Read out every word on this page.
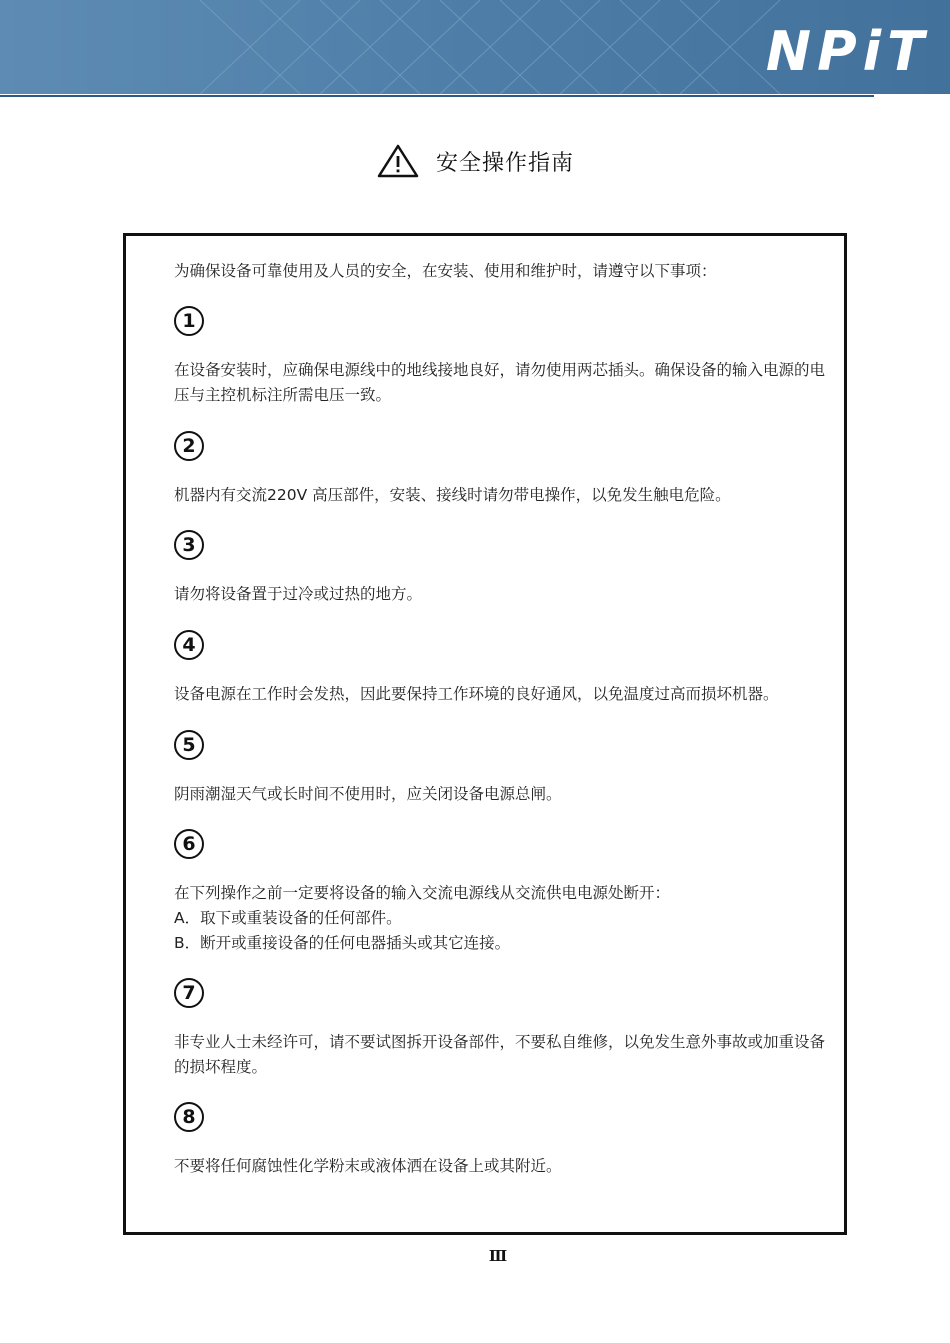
NPiT
安全操作指南

为确保设备可靠使用及人员的安全，在安装、使用和维护时，请遵守以下事项：

1

在设备安装时，应确保电源线中的地线接地良好，请勿使用两芯插头。确保设备的输入电源的电压与主控机标注所需电压一致。

2

机器内有交流220V 高压部件，安装、接线时请勿带电操作，以免发生触电危险。

3

请勿将设备置于过冷或过热的地方。

4

设备电源在工作时会发热，因此要保持工作环境的良好通风，以免温度过高而损坏机器。

5

阴雨潮湿天气或长时间不使用时，应关闭设备电源总闸。

6

在下列操作之前一定要将设备的输入交流电源线从交流供电电源处断开：

A．取下或重装设备的任何部件。

B．断开或重接设备的任何电器插头或其它连接。

7

非专业人士未经许可，请不要试图拆开设备部件，不要私自维修，以免发生意外事故或加重设备的损坏程度。

8

不要将任何腐蚀性化学粉末或液体洒在设备上或其附近。

Ⅲ
